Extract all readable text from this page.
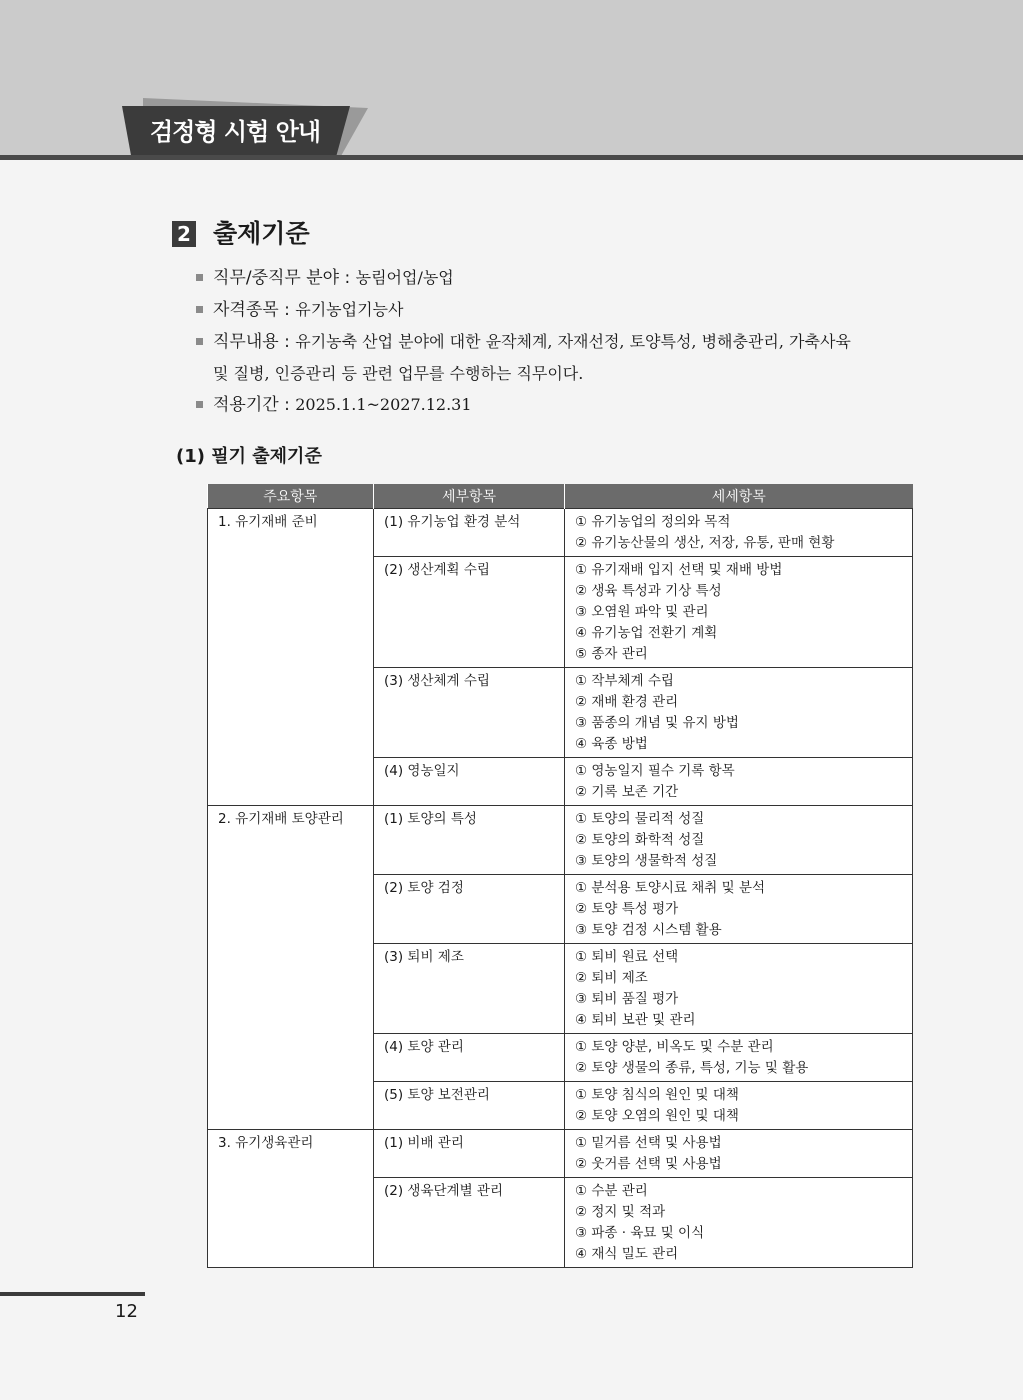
검정형 시험 안내
2 출제기준
직무/중직무 분야 : 농림어업/농업
자격종목 : 유기농업기능사
직무내용 : 유기농축 산업 분야에 대한 윤작체계, 자재선정, 토양특성, 병해충관리, 가축사육
및 질병, 인증관리 등 관련 업무를 수행하는 직무이다.
적용기간 : 2025.1.1~2027.12.31
(1) 필기 출제기준
주요항목	세부항목	세세항목
1. 유기재배 준비	(1) 유기농업 환경 분석	① 유기농업의 정의와 목적
② 유기농산물의 생산, 저장, 유통, 판매 현황

	(2) 생산계획 수립	① 유기재배 입지 선택 및 재배 방법
② 생육 특성과 기상 특성
③ 오염원 파악 및 관리
④ 유기농업 전환기 계획
⑤ 종자 관리

	(3) 생산체계 수립	① 작부체계 수립
② 재배 환경 관리
③ 품종의 개념 및 유지 방법
④ 육종 방법

	(4) 영농일지	① 영농일지 필수 기록 항목
② 기록 보존 기간

2. 유기재배 토양관리	(1) 토양의 특성	① 토양의 물리적 성질
② 토양의 화학적 성질
③ 토양의 생물학적 성질

	(2) 토양 검정	① 분석용 토양시료 채취 및 분석
② 토양 특성 평가
③ 토양 검정 시스템 활용

	(3) 퇴비 제조	① 퇴비 원료 선택
② 퇴비 제조
③ 퇴비 품질 평가
④ 퇴비 보관 및 관리

	(4) 토양 관리	① 토양 양분, 비옥도 및 수분 관리
② 토양 생물의 종류, 특성, 기능 및 활용

	(5) 토양 보전관리	① 토양 침식의 원인 및 대책
② 토양 오염의 원인 및 대책

3. 유기생육관리	(1) 비배 관리	① 밑거름 선택 및 사용법
② 웃거름 선택 및 사용법

	(2) 생육단계별 관리	① 수분 관리
② 정지 및 적과
③ 파종 · 육묘 및 이식
④ 재식 밀도 관리
12
